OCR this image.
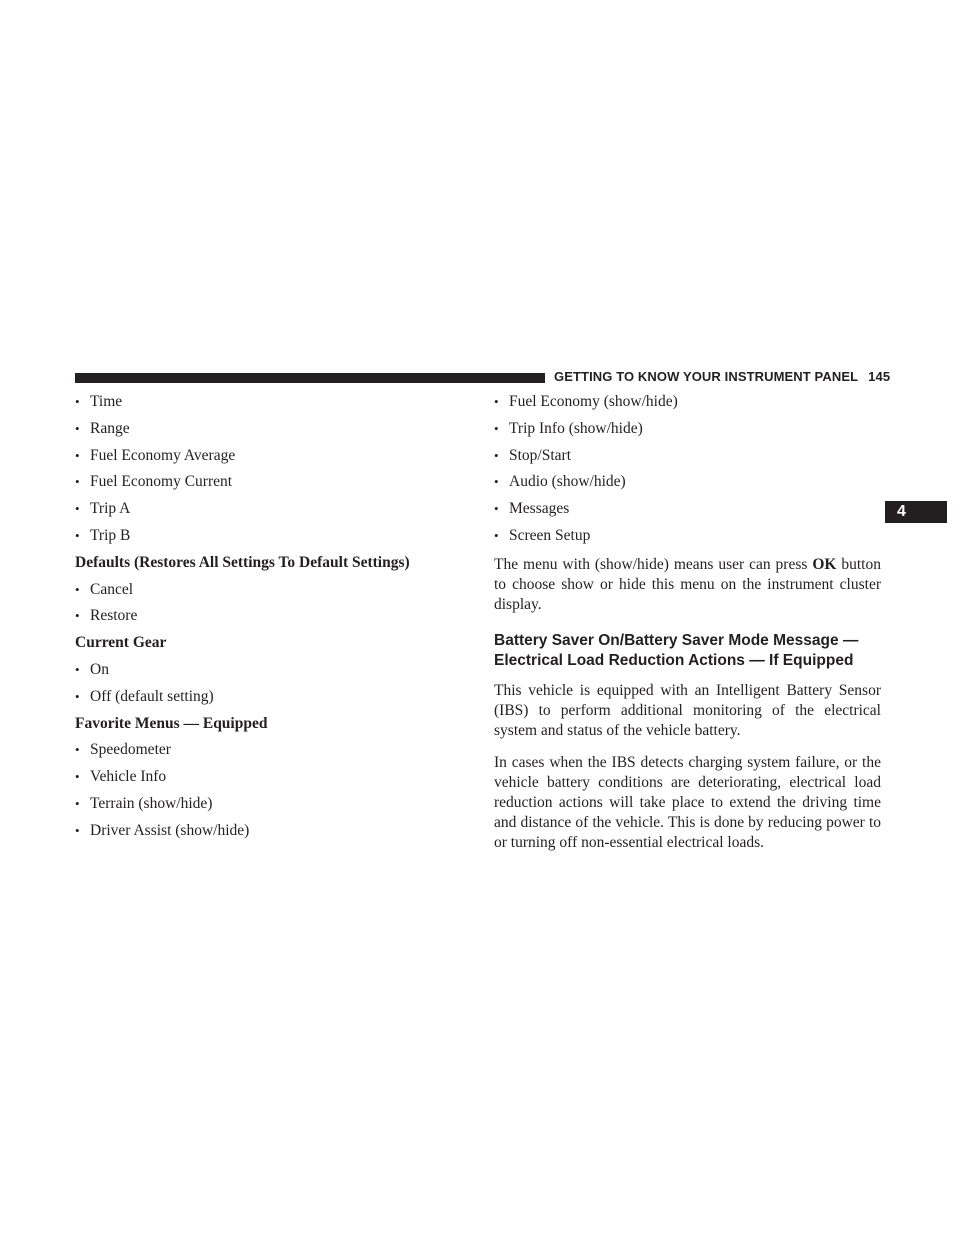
GETTING TO KNOW YOUR INSTRUMENT PANEL 145
4
• Time
• Range
• Fuel Economy Average
• Fuel Economy Current
• Trip A
• Trip B
Defaults (Restores All Settings To Default Settings)
• Cancel
• Restore
Current Gear
• On
• Off (default setting)
Favorite Menus — Equipped
• Speedometer
• Vehicle Info
• Terrain (show/hide)
• Driver Assist (show/hide)
• Fuel Economy (show/hide)
• Trip Info (show/hide)
• Stop/Start
• Audio (show/hide)
• Messages
• Screen Setup
The menu with (show/hide) means user can press OK button to choose show or hide this menu on the instrument cluster display.
Battery Saver On/Battery Saver Mode Message —
Electrical Load Reduction Actions — If Equipped
This vehicle is equipped with an Intelligent Battery Sensor (IBS) to perform additional monitoring of the electrical system and status of the vehicle battery.
In cases when the IBS detects charging system failure, or the vehicle battery conditions are deteriorating, electrical load reduction actions will take place to extend the driving time and distance of the vehicle. This is done by reducing power to or turning off non-essential electrical loads.
